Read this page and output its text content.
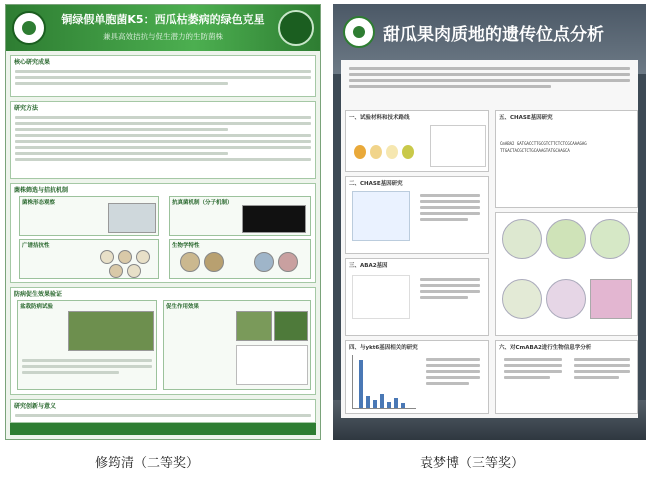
铜绿假单胞菌K5：西瓜枯萎病的绿色克星
兼具高效拮抗与促生潜力的生防菌株
核心研究成果
研究方法
菌株筛选与拮抗机制
菌株形态观察	抗真菌机制（分子机制）
广谱拮抗性	生物学特性
防病促生效果验证
盆栽防病试验	促生作用效果
研究创新与意义
甜瓜果肉质地的遗传位点分析
一、试验材料和技术路线
二、CHASE基因研究
三、ABA2基因
四、与ykt6基因相关的研究
五、CHASE基因研究
CmABA2 GATGACCTTGCGTCTTCTCTCGCAAAGAG
TTGACTACGCTCTGCAAAGTATGCAAGCA
六、对CmABA2进行生物信息学分析
修筠清（二等奖）	袁梦博（三等奖）
